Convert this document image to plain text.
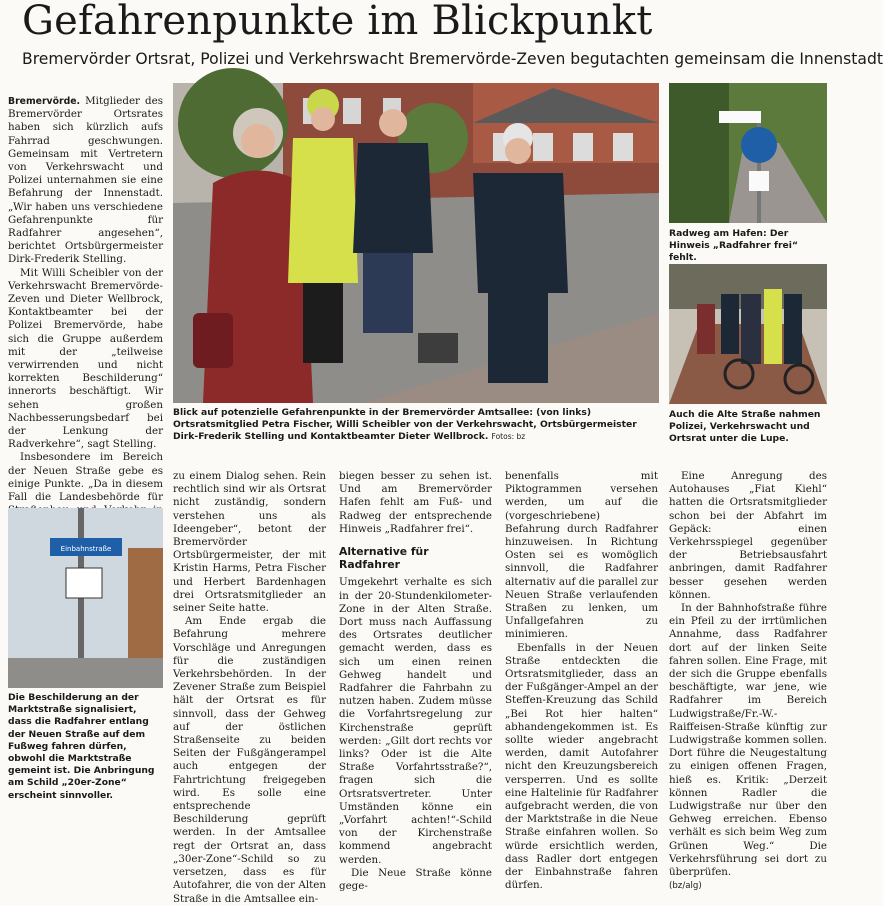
Gefahrenpunkte im Blickpunkt
Bremervörder Ortsrat, Polizei und Verkehrswacht Bremervörde-Zeven begutachten gemeinsam die Innenstadt

Bremervörde. Mitglieder des Bremervörder Ortsrates haben sich kürzlich aufs Fahrrad geschwungen. Gemeinsam mit Vertretern von Verkehrswacht und Polizei unternahmen sie eine Befahrung der Innenstadt. „Wir haben uns verschiedene Gefahrenpunkte für Radfahrer angesehen“, berichtet Ortsbürgermeister Dirk-Frederik Stelling.

Mit Willi Scheibler von der Verkehrswacht Bremervörde-Zeven und Dieter Wellbrock, Kontaktbeamter bei der Polizei Bremervörde, habe sich die Gruppe außerdem mit der „teilweise verwirrenden und nicht korrekten Beschilderung“ innerorts beschäftigt. Wir sehen großen Nachbesserungsbedarf bei der Lenkung der Radverkehre“, sagt Stelling.

Insbesondere im Bereich der Neuen Straße gebe es einige Punkte. „Da in diesem Fall die Landesbehörde für

Blick auf potenzielle Gefahrenpunkte in der Bremervörder Amtsallee: (von links) Ortsratsmitglied Petra Fischer, Willi Scheibler von der Verkehrswacht, Ortsbürgermeister Dirk-Frederik Stelling und Kontaktbeamter Dieter Wellbrock. Fotos: bz
Radweg am Hafen: Der Hinweis „Radfahrer frei“ fehlt.
Auch die Alte Straße nahmen Polizei, Verkehrswacht und Ortsrat unter die Lupe.
Einbahnstraße
Die Beschilderung an der Marktstraße signalisiert, dass die Radfahrer entlang der Neuen Straße auf dem Fußweg fahren dürfen, obwohl die Marktstraße gemeint ist. Die Anbringung am Schild „20er-Zone“ erscheint sinnvoller.

zu einem Dialog sehen. Rein rechtlich sind wir als Ortsrat nicht zuständig, sondern verstehen uns als Ideengeber“, betont der Bremervörder Ortsbürgermeister, der mit Kristin Harms, Petra Fischer und Herbert Bardenhagen drei Ortsratsmitglieder an seiner Seite hatte.

Am Ende ergab die Befahrung mehrere Vorschläge und Anregungen für die zuständigen Verkehrsbehörden. In der Zevener Straße zum Beispiel hält der Ortsrat es für sinnvoll, dass der Gehweg auf der östlichen Straßenseite zu beiden Seiten der Fußgängerampel auch entgegen der Fahrtrichtung freigegeben wird. Es solle eine entsprechende Beschilderung geprüft werden. In der Amtsallee regt der Ortsrat an, dass „30er-Zone“-Schild so zu versetzen, dass es für Autofahrer, die von der Alten Straße in die Amtsallee ein-

biegen besser zu sehen ist. Und am Bremervörder Hafen fehlt am Fuß- und Radweg der entsprechende Hinweis „Radfahrer frei“.

Alternative für Radfahrer

Umgekehrt verhalte es sich in der 20-Stundenkilometer-Zone in der Alten Straße. Dort muss nach Auffassung des Ortsrates deutlicher gemacht werden, dass es sich um einen reinen Gehweg handelt und Radfahrer die Fahrbahn zu nutzen haben. Zudem müsse die Vorfahrtsregelung zur Kirchenstraße geprüft werden: „Gilt dort rechts vor links? Oder ist die Alte Straße Vorfahrtsstraße?“, fragen sich die Ortsratsvertreter. Unter Umständen könne ein „Vorfahrt achten!“-Schild von der Kirchenstraße kommend angebracht werden.

Die Neue Straße könne gege-

benenfalls mit Piktogrammen versehen werden, um auf die (vorgeschriebene) Befahrung durch Radfahrer hinzuweisen. In Richtung Osten sei es womöglich sinnvoll, die Radfahrer alternativ auf die parallel zur Neuen Straße verlaufenden Straßen zu lenken, um Unfallgefahren zu minimieren.

Ebenfalls in der Neuen Straße entdeckten die Ortsratsmitglieder, dass an der Fußgänger-Ampel an der Steffen-Kreuzung das Schild „Bei Rot hier halten“ abhandengekommen ist. Es sollte wieder angebracht werden, damit Autofahrer nicht den Kreuzungsbereich versperren. Und es sollte eine Haltelinie für Radfahrer aufgebracht werden, die von der Marktstraße in die Neue Straße einfahren wollen. So würde ersichtlich werden, dass Radler dort entgegen der Einbahnstraße fahren dürfen.

Eine Anregung des Autohauses „Fiat Kiehl“ hatten die Ortsratsmitglieder schon bei der Abfahrt im Gepäck: einen Verkehrsspiegel gegenüber der Betriebsausfahrt anbringen, damit Radfahrer besser gesehen werden können.

In der Bahnhofstraße führe ein Pfeil zu der irrtümlichen Annahme, dass Radfahrer dort auf der linken Seite fahren sollen. Eine Frage, mit der sich die Gruppe ebenfalls beschäftigte, war jene, wie Radfahrer im Bereich Ludwigstraße/Fr.-W.-Raiffeisen-Straße künftig zur Ludwigstraße kommen sollen. Dort führe die Neugestaltung zu einigen offenen Fragen, hieß es. Kritik: „Derzeit können Radler die Ludwigstraße nur über den Gehweg erreichen. Ebenso verhält es sich beim Weg zum Grünen Weg.“ Die Verkehrsführung sei dort zu überprüfen.

(bz/alg)
